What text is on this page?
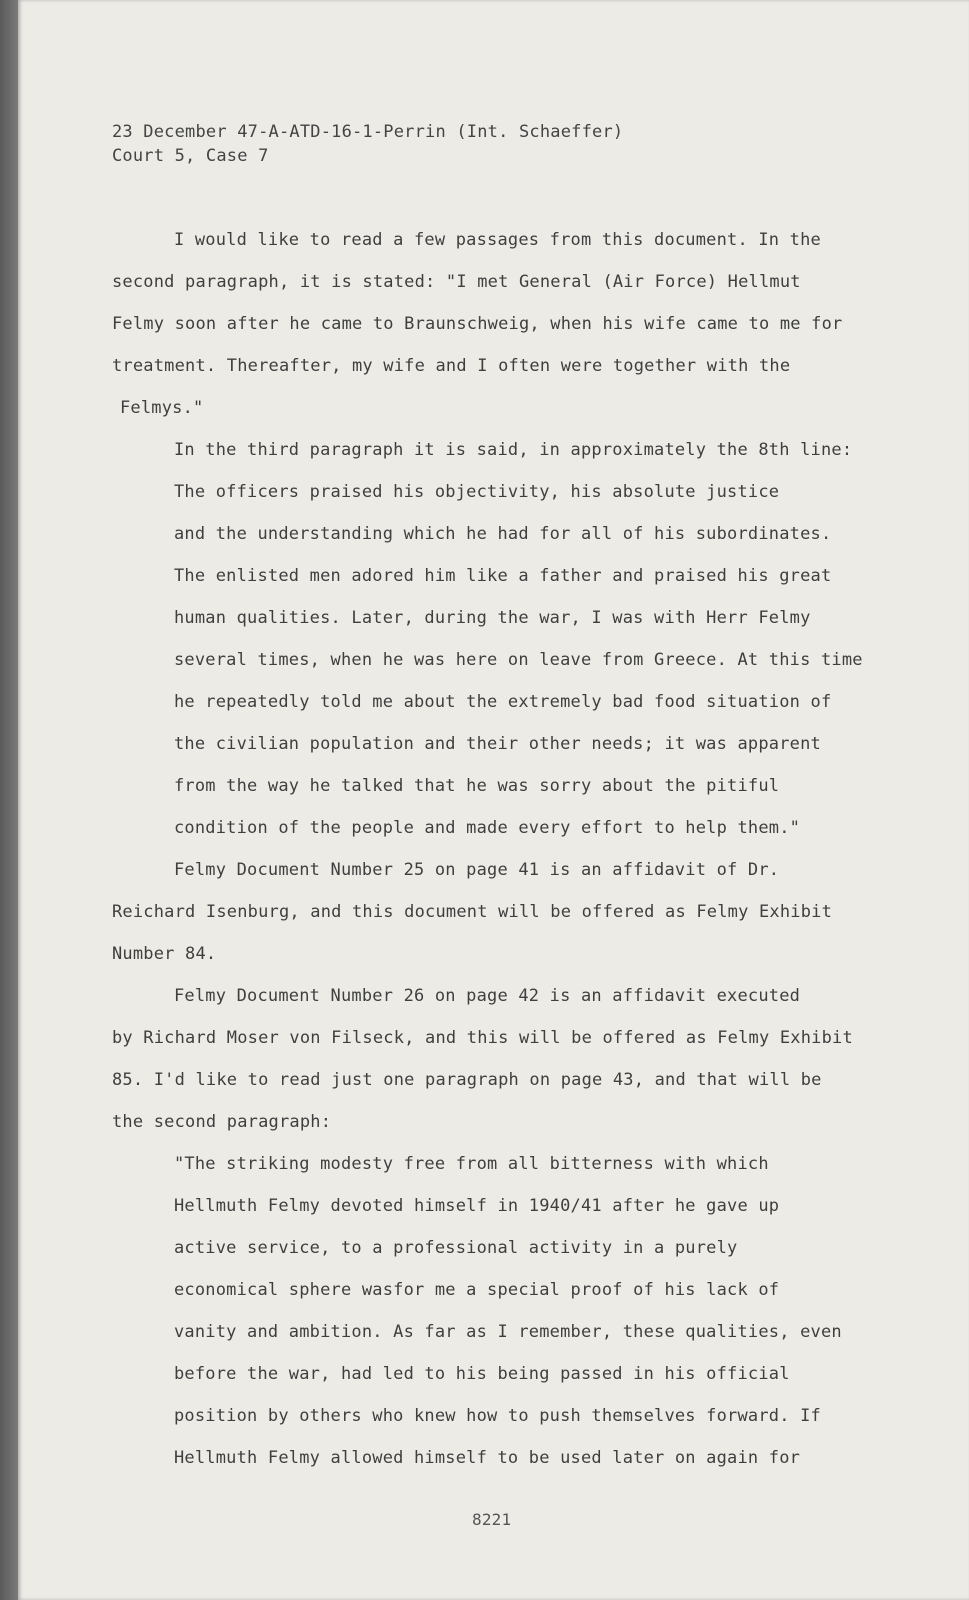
23 December 47-A-ATD-16-1-Perrin (Int. Schaeffer)
Court 5, Case 7
I would like to read a few passages from this document. In the
second paragraph, it is stated: "I met General (Air Force) Hellmut
Felmy soon after he came to Braunschweig, when his wife came to me for
treatment. Thereafter, my wife and I often were together with the
Felmys."
In the third paragraph it is said, in approximately the 8th line:
The officers praised his objectivity, his absolute justice
and the understanding which he had for all of his subordinates.
The enlisted men adored him like a father and praised his great
human qualities. Later, during the war, I was with Herr Felmy
several times, when he was here on leave from Greece. At this time
he repeatedly told me about the extremely bad food situation of
the civilian population and their other needs; it was apparent
from the way he talked that he was sorry about the pitiful
condition of the people and made every effort to help them."
Felmy Document Number 25 on page 41 is an affidavit of Dr.
Reichard Isenburg, and this document will be offered as Felmy Exhibit
Number 84.
Felmy Document Number 26 on page 42 is an affidavit executed
by Richard Moser von Filseck, and this will be offered as Felmy Exhibit
85. I'd like to read just one paragraph on page 43, and that will be
the second paragraph:
"The striking modesty free from all bitterness with which
Hellmuth Felmy devoted himself in 1940/41 after he gave up
active service, to a professional activity in a purely
economical sphere wasfor me a special proof of his lack of
vanity and ambition. As far as I remember, these qualities, even
before the war, had led to his being passed in his official
position by others who knew how to push themselves forward. If
Hellmuth Felmy allowed himself to be used later on again for
8221
